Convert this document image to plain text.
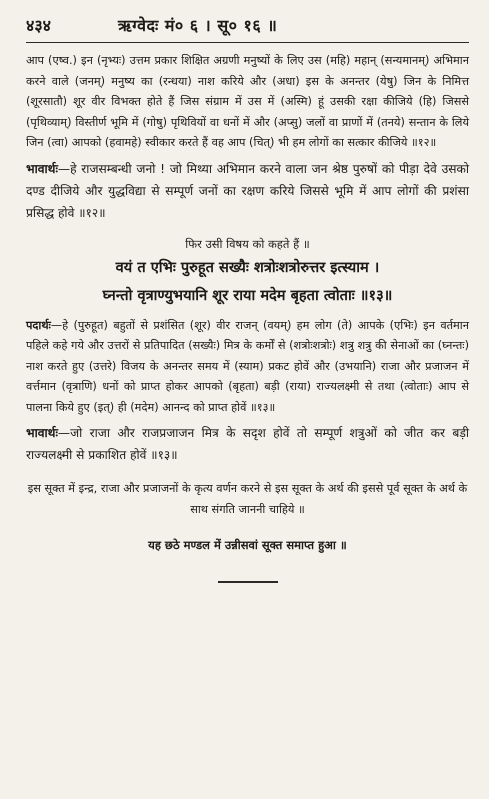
४३४	ऋग्वेदः मं० ६ । सू० १६ ॥

आप (एष्व.) इन (नृभ्यः) उत्तम प्रकार शिक्षित अग्रणी मनुष्यों के लिए उस (महि) महान् (सन्यमानम्) अभिमान करने वाले (जनम्) मनुष्य का (रन्धया) नाश करिये और (अधा) इस के अनन्तर (येषु) जिन के निमित्त (शूरसातौ) शूर वीर विभक्त होते हैं जिस संग्राम में उस में (अस्मि) हूं उसकी रक्षा कीजिये (हि) जिससे (पृथिव्याम्) विस्तीर्ण भूमि में (गोषु) पृथिवियों वा धनों में और (अप्सु) जलों वा प्राणों में (तनये) सन्तान के लिये जिन (त्वा) आपको (हवामहे) स्वीकार करते हैं वह आप (चित्) भी हम लोगों का सत्कार कीजिये ॥१२॥

भावार्थः—हे राजसम्बन्धी जनो ! जो मिथ्या अभिमान करने वाला जन श्रेष्ठ पुरुषों को पीड़ा देवे उसको दण्ड दीजिये और युद्धविद्या से सम्पूर्ण जनों का रक्षण करिये जिससे भूमि में आप लोगों की प्रशंसा प्रसिद्ध होवे ॥१२॥

फिर उसी विषय को कहते हैं ॥

वयं त एभिः पुरुहूत सख्यैः शत्रोःशत्रोरुत्तर इत्स्याम ।

घ्नन्तो वृत्राण्युभयानि शूर राया मदेम बृहता त्वोताः ॥१३॥

पदार्थः—हे (पुरुहूत) बहुतों से प्रशंसित (शूर) वीर राजन् (वयम्) हम लोग (ते) आपके (एभिः) इन वर्तमान पहिले कहे गये और उत्तरों से प्रतिपादित (सख्यैः) मित्र के कर्मों से (शत्रोःशत्रोः) शत्रु शत्रु की सेनाओं का (घ्नन्तः) नाश करते हुए (उत्तरे) विजय के अनन्तर समय में (स्याम) प्रकट होवें और (उभयानि) राजा और प्रजाजन में वर्त्तमान (वृत्राणि) धनों को प्राप्त होकर आपको (बृहता) बड़ी (राया) राज्यलक्ष्मी से तथा (त्वोताः) आप से पालना किये हुए (इत्) ही (मदेम) आनन्द को प्राप्त होवें ॥१३॥

भावार्थः—जो राजा और राजप्रजाजन मित्र के सदृश होवें तो सम्पूर्ण शत्रुओं को जीत कर बड़ी राज्यलक्ष्मी से प्रकाशित होवें ॥१३॥

इस सूक्त में इन्द्र, राजा और प्रजाजनों के कृत्य वर्णन करने से इस सूक्त के अर्थ की इससे पूर्व सूक्त के अर्थ के साथ संगति जाननी चाहिये ॥

यह छठे मण्डल में उन्नीसवां सूक्त समाप्त हुआ ॥
